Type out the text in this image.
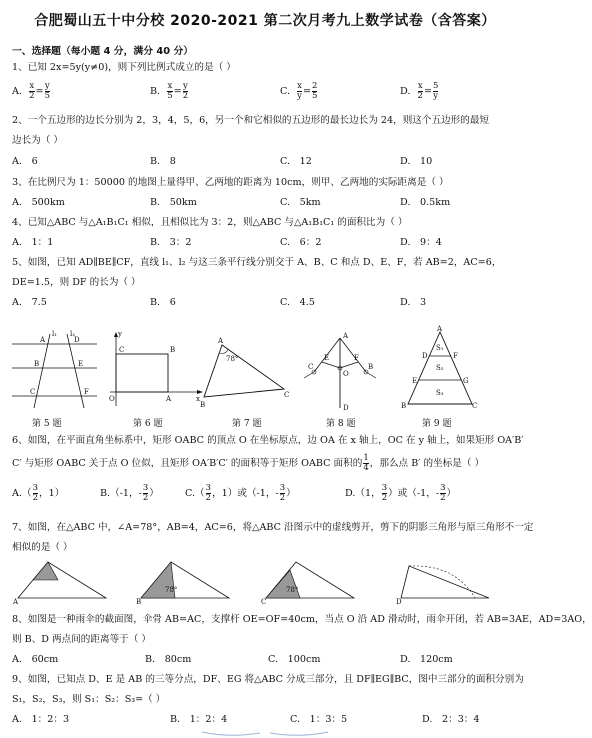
合肥蜀山五十中分校 2020-2021 第二次月考九上数学试卷（含答案）
一、选择题（每小题 4 分，满分 40 分）
1、已知 2x=5y(y≠0)，则下列比例式成立的是（ ）
A. $\frac{x}{2} = \frac{y}{5}$	B. $\frac{x}{5} = \frac{y}{2}$	C. $\frac{x}{y} = \frac{2}{5}$	D. $\frac{x}{2} = \frac{5}{y}$
2、一个五边形的边长分别为 2，3，4，5，6，另一个和它相似的五边形的最长边长为 24，则这个五边形的最短
边长为（ ）
A.　6	B.　8	C.　12	D.　10
3、在比例尺为 1：50000 的地图上量得甲、乙两地的距离为 10cm，则甲、乙两地的实际距离是（ ）
A.　500km	B.　50km	C.　5km	D.　0.5km
4、已知△ABC 与△A₁B₁C₁ 相似，且相似比为 3：2，则△ABC 与△A₁B₁C₁ 的面积比为（ ）
A.　1：1	B.　3：2	C.　6：2	D.　9：4
5、如图，已知 AD∥BE∥CF，直线 l₁、l₂ 与这三条平行线分别交于 A、B、C 和点 D、E、F，若 AB=2，AC=6，
DE=1.5，则 DF 的长为（ ）
A.　7.5	B.　6	C.　4.5	D.　3
l₁ l₂
A	D
B	E
C	F
y
B
C
A
O	x
A
78°
B
C
C
A
B
O
D
E	F
A
S₁
D
E
S₂
F
G
S₃
B	C
第 5 题	第 6 题	第 7 题	第 8 题	第 9 题
6、如图，在平面直角坐标系中，矩形 OABC 的顶点 O 在坐标原点，边 OA 在 x 轴上，OC 在 y 轴上，如果矩形 OA′B′
C′ 与矩形 OABC 关于点 O 位似，且矩形 OA′B′C′ 的面积等于矩形 OABC 面积的 $\frac{1}{4}$ ，那么点 B′ 的坐标是（ ）
$A.( \frac{3}{2}$ ，1）	B.（-1，- $\frac{3}{2}$ ）	$C.( \frac{3}{2}$ ，1）或（-1，- $\frac{3}{2}$ ）	D.（1， $\frac{3}{2}$ ）或（-1，- $\frac{3}{2}$ ）
7、如图，在△ABC 中，∠A=78°，AB=4，AC=6，将△ABC 沿图示中的虚线剪开，剪下的阴影三角形与原三角形不一定
相似的是（ ）
A
78°
B
78°
C	D
8、如图是一种雨伞的截面图，伞骨 AB=AC，支撑杆 OE=OF=40cm，当点 O 沿 AD 滑动时，雨伞开闭，若 AB=3AE，AD=3AO，
则 B、D 两点间的距离等于（ ）
A.　60cm	B.　80cm	C.　100cm	D.　120cm
9、如图，已知点 D、E 是 AB 的三等分点，DF、EG 将△ABC 分成三部分，且 DF∥EG∥BC，图中三部分的面积分别为
S₁，S₂，S₃，则 S₁：S₂：S₃=（ ）
A.　1：2：3	B.　1：2：4	C.　1：3：5	D.　2：3：4
